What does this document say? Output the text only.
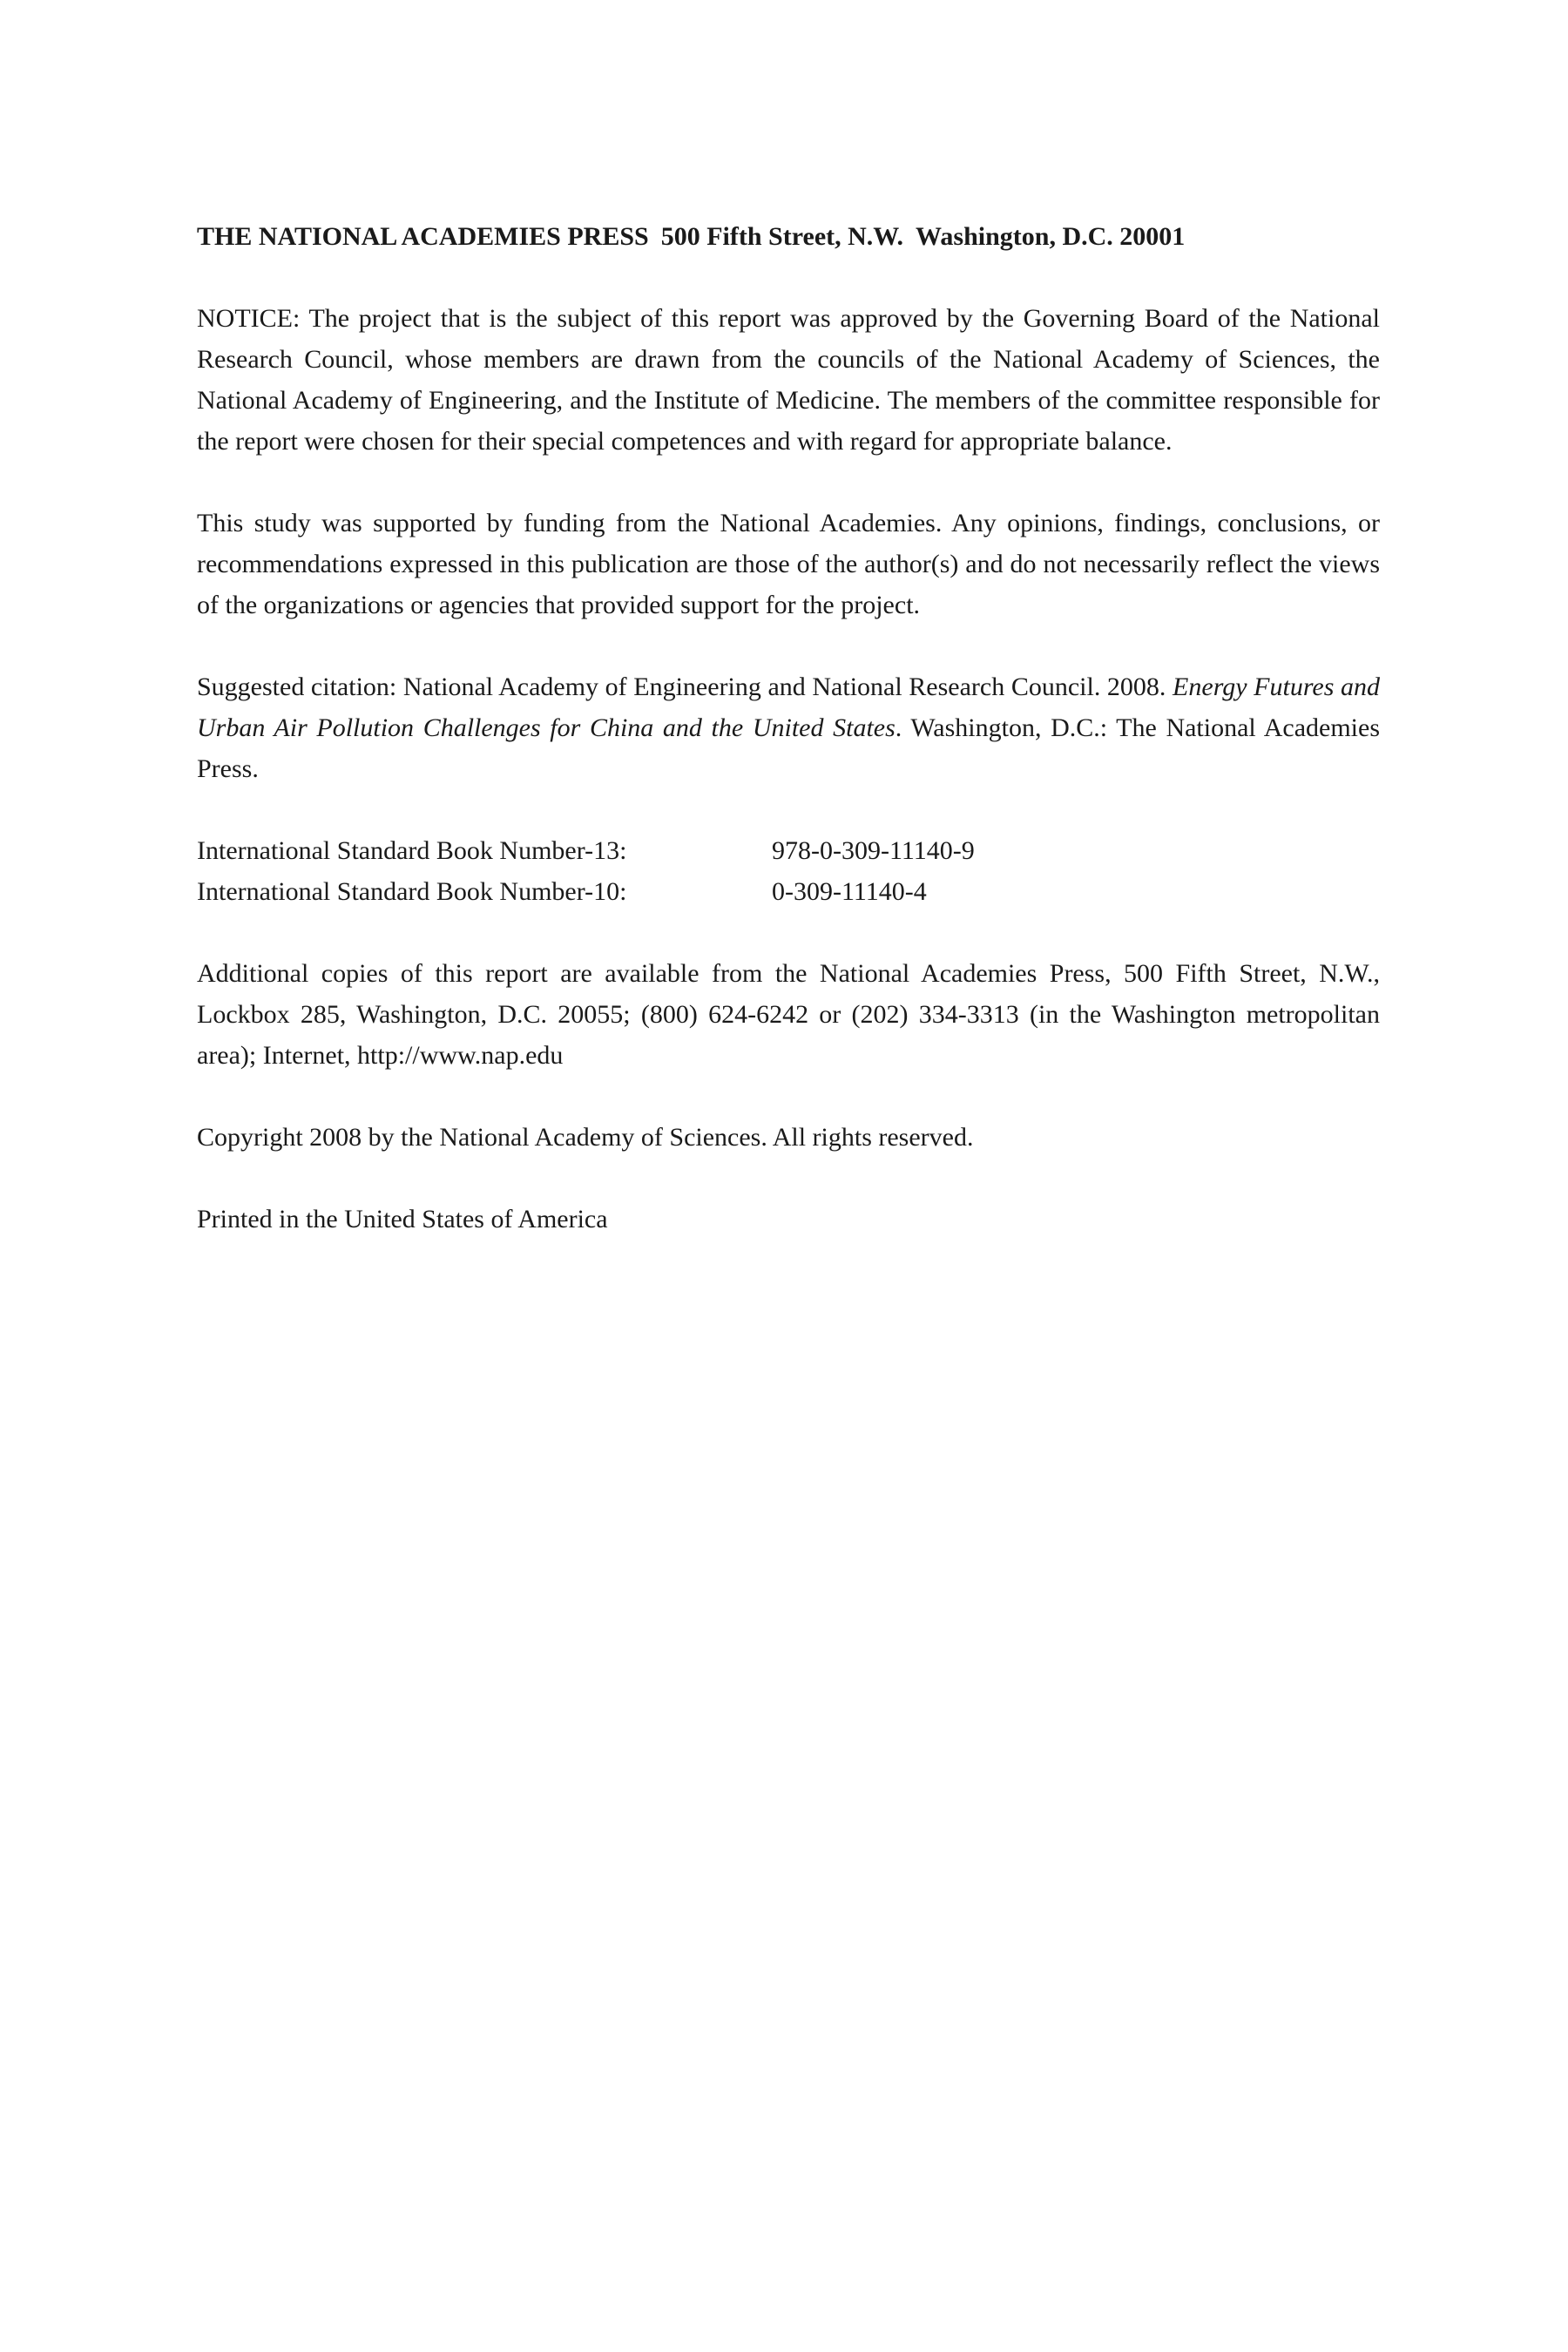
THE NATIONAL ACADEMIES PRESS 500 Fifth Street, N.W. Washington, D.C. 20001

NOTICE: The project that is the subject of this report was approved by the Governing Board of the National Research Council, whose members are drawn from the councils of the National Academy of Sciences, the National Academy of Engineering, and the Institute of Medicine. The members of the committee responsible for the report were chosen for their special competences and with regard for appropriate balance.

This study was supported by funding from the National Academies. Any opinions, findings, conclusions, or recommendations expressed in this publication are those of the author(s) and do not necessarily reflect the views of the organizations or agencies that provided support for the project.

Suggested citation: National Academy of Engineering and National Research Council. 2008. Energy Futures and Urban Air Pollution Challenges for China and the United States. Washington, D.C.: The National Academies Press.

International Standard Book Number-13:	978-0-309-11140-9
International Standard Book Number-10:	0-309-11140-4

Additional copies of this report are available from the National Academies Press, 500 Fifth Street, N.W., Lockbox 285, Washington, D.C. 20055; (800) 624-6242 or (202) 334-3313 (in the Washington metropolitan area); Internet, http://www.nap.edu

Copyright 2008 by the National Academy of Sciences. All rights reserved.

Printed in the United States of America
